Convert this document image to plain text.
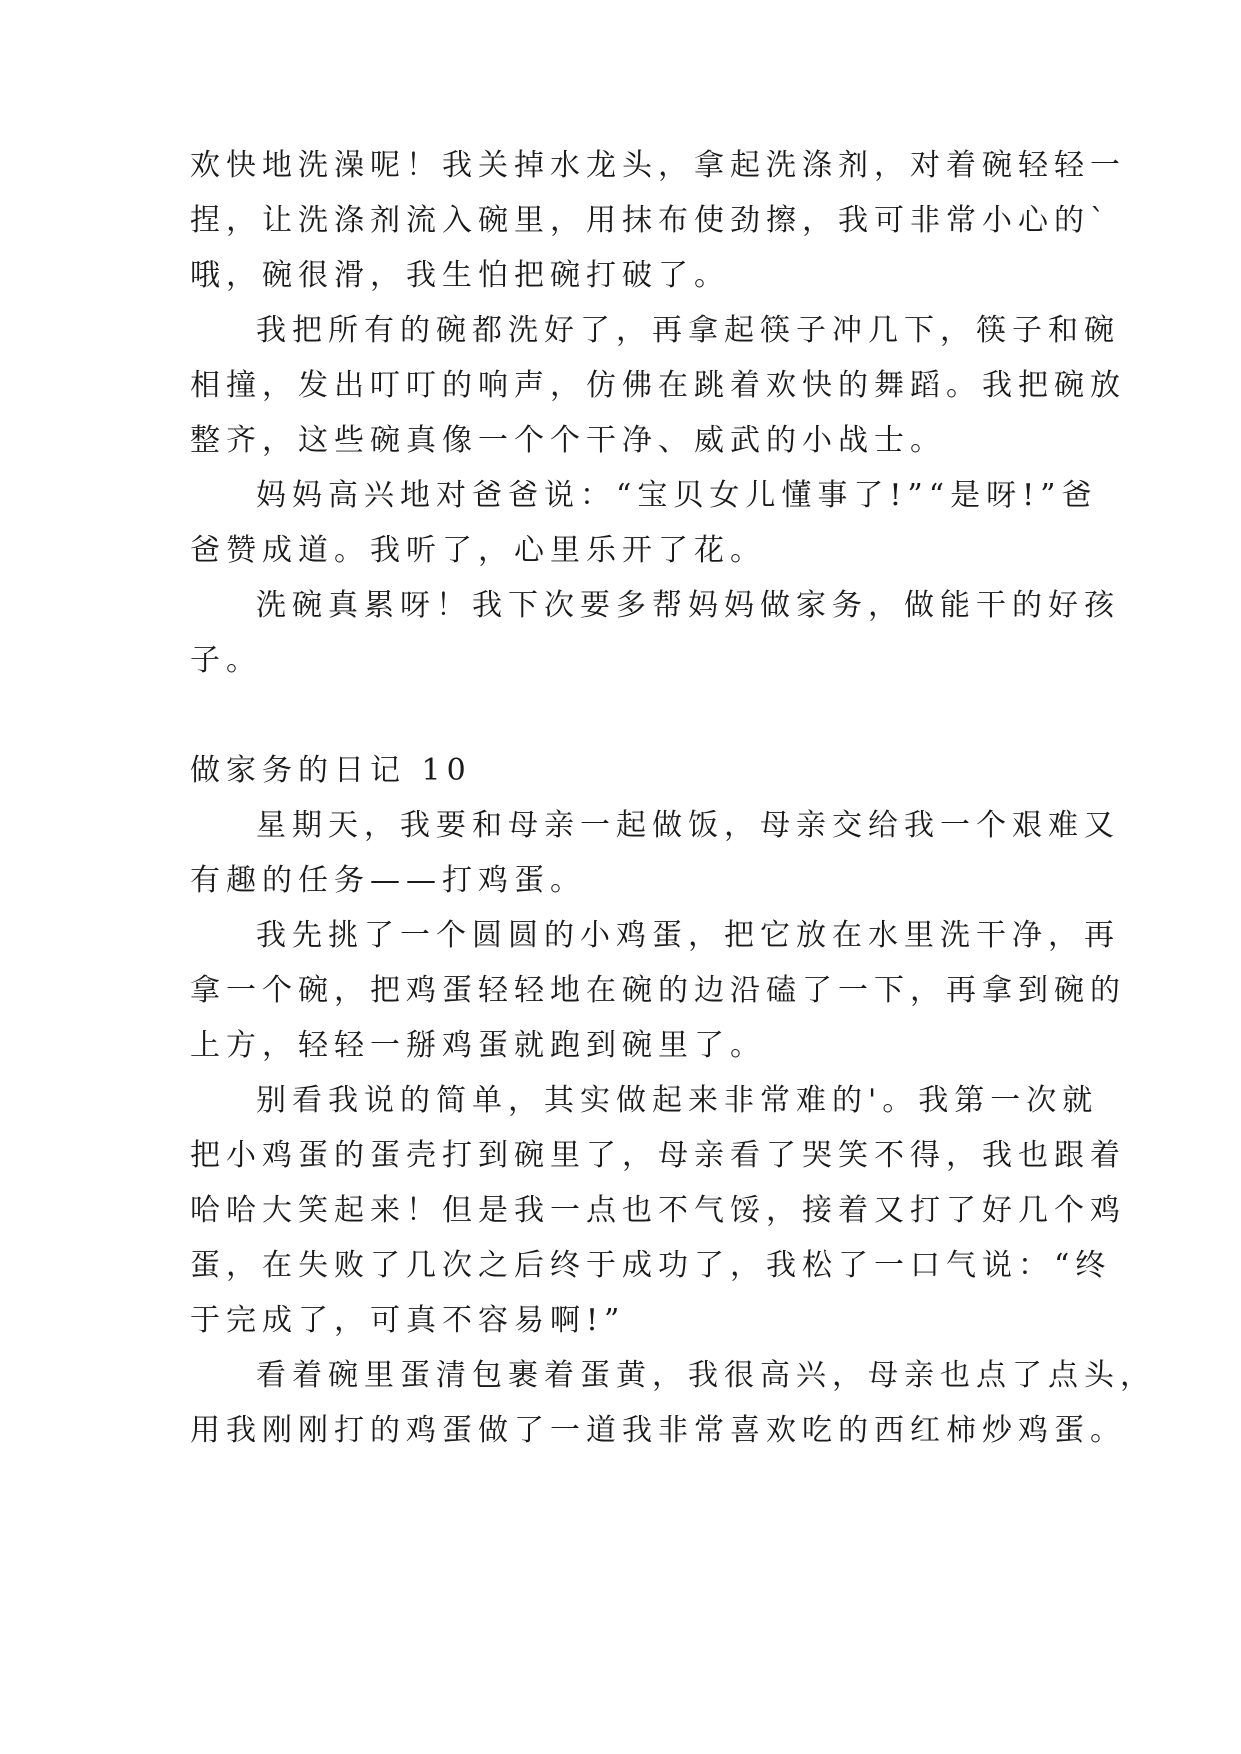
欢快地洗澡呢！我关掉水龙头，拿起洗涤剂，对着碗轻轻一
捏，让洗涤剂流入碗里，用抹布使劲擦，我可非常小心的`
哦，碗很滑，我生怕把碗打破了。
我把所有的碗都洗好了，再拿起筷子冲几下，筷子和碗
相撞，发出叮叮的响声，仿佛在跳着欢快的舞蹈。我把碗放
整齐，这些碗真像一个个干净、威武的小战士。
妈妈高兴地对爸爸说：“宝贝女儿懂事了!”“是呀!”爸
爸赞成道。我听了，心里乐开了花。
洗碗真累呀！我下次要多帮妈妈做家务，做能干的好孩
子。
做家务的日记 10
星期天，我要和母亲一起做饭，母亲交给我一个艰难又
有趣的任务——打鸡蛋。
我先挑了一个圆圆的小鸡蛋，把它放在水里洗干净，再
拿一个碗，把鸡蛋轻轻地在碗的边沿磕了一下，再拿到碗的
上方，轻轻一掰鸡蛋就跑到碗里了。
别看我说的简单，其实做起来非常难的'。我第一次就
把小鸡蛋的蛋壳打到碗里了，母亲看了哭笑不得，我也跟着
哈哈大笑起来！但是我一点也不气馁，接着又打了好几个鸡
蛋，在失败了几次之后终于成功了，我松了一口气说：“终
于完成了，可真不容易啊!”
看着碗里蛋清包裹着蛋黄，我很高兴，母亲也点了点头，
用我刚刚打的鸡蛋做了一道我非常喜欢吃的西红柿炒鸡蛋。
